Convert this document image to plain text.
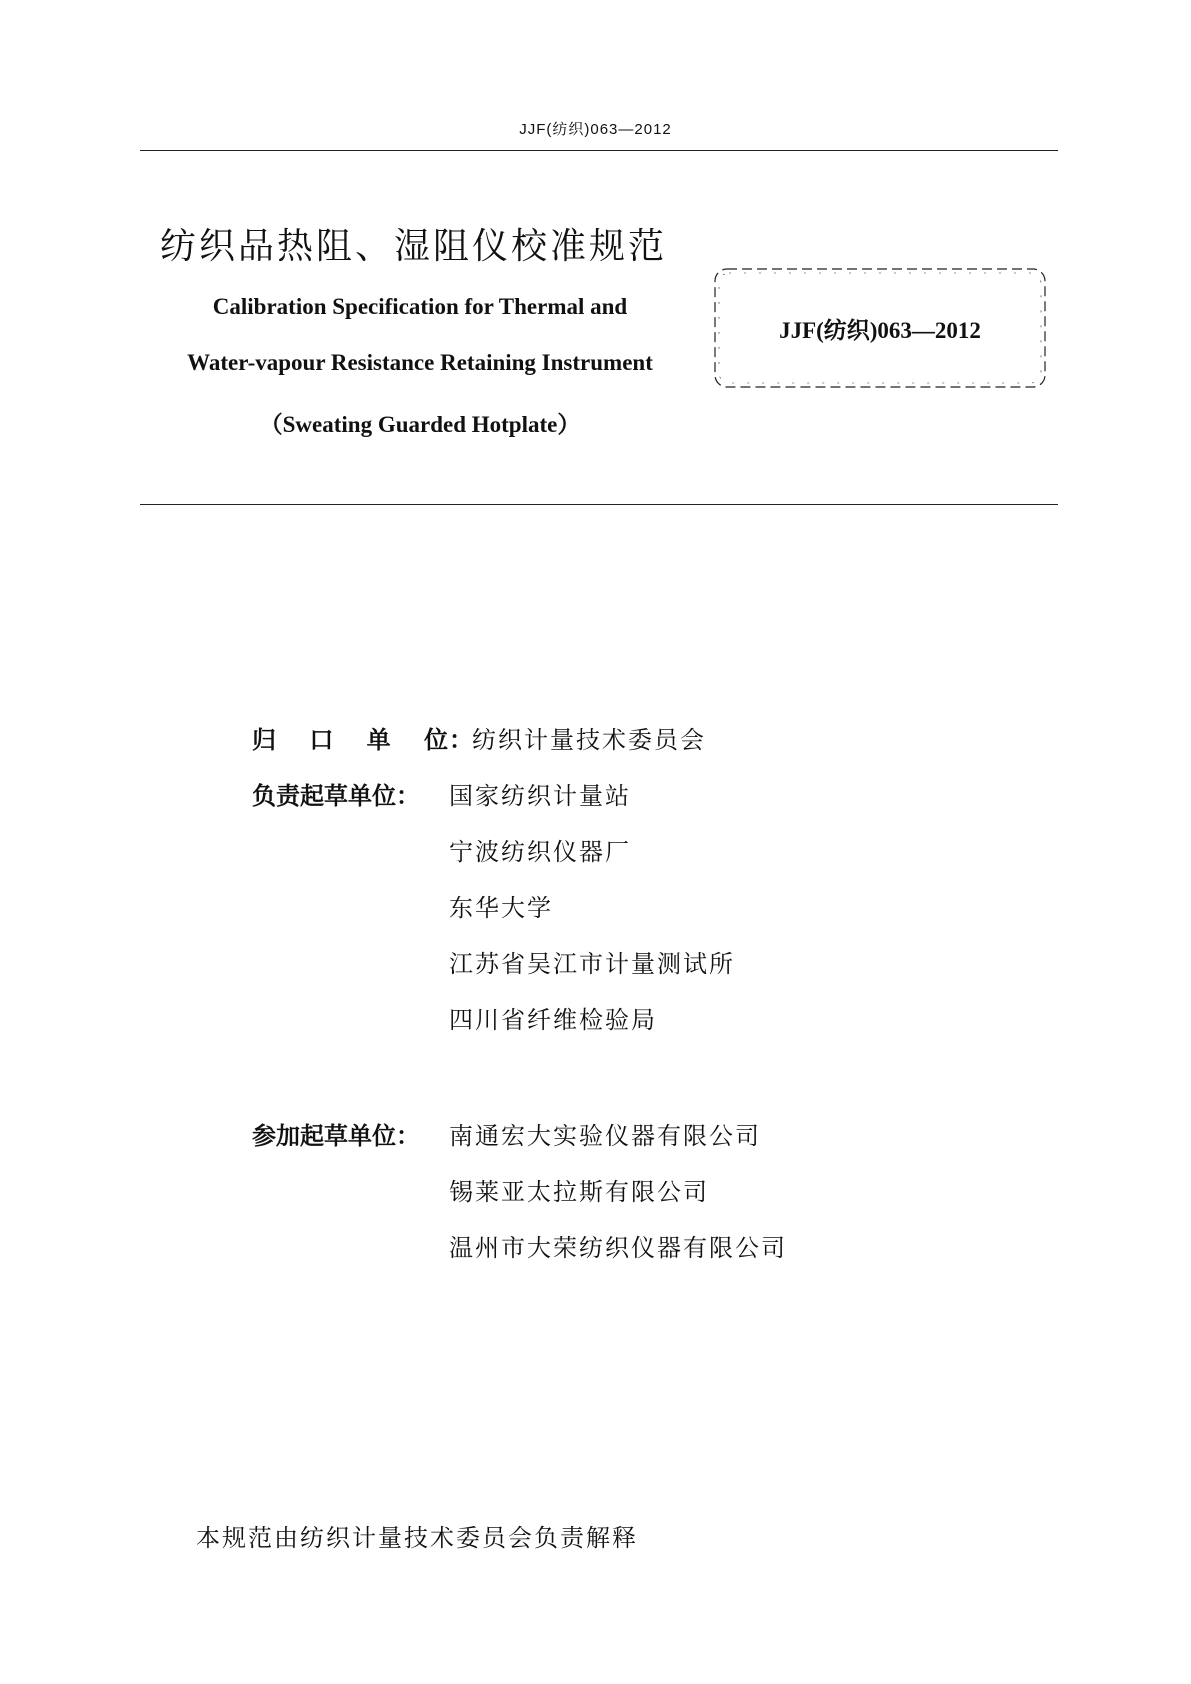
JJF(纺织)063—2012
纺织品热阻、湿阻仪校准规范
Calibration Specification for Thermal and
Water-vapour Resistance Retaining Instrument
（Sweating Guarded Hotplate）
JJF(纺织)063—2012
归 口 单 位 ： 纺织计量技术委员会
负责起草单位： 国家纺织计量站
宁波纺织仪器厂
东华大学
江苏省吴江市计量测试所
四川省纤维检验局
参加起草单位： 南通宏大实验仪器有限公司
锡莱亚太拉斯有限公司
温州市大荣纺织仪器有限公司
本规范由纺织计量技术委员会负责解释
